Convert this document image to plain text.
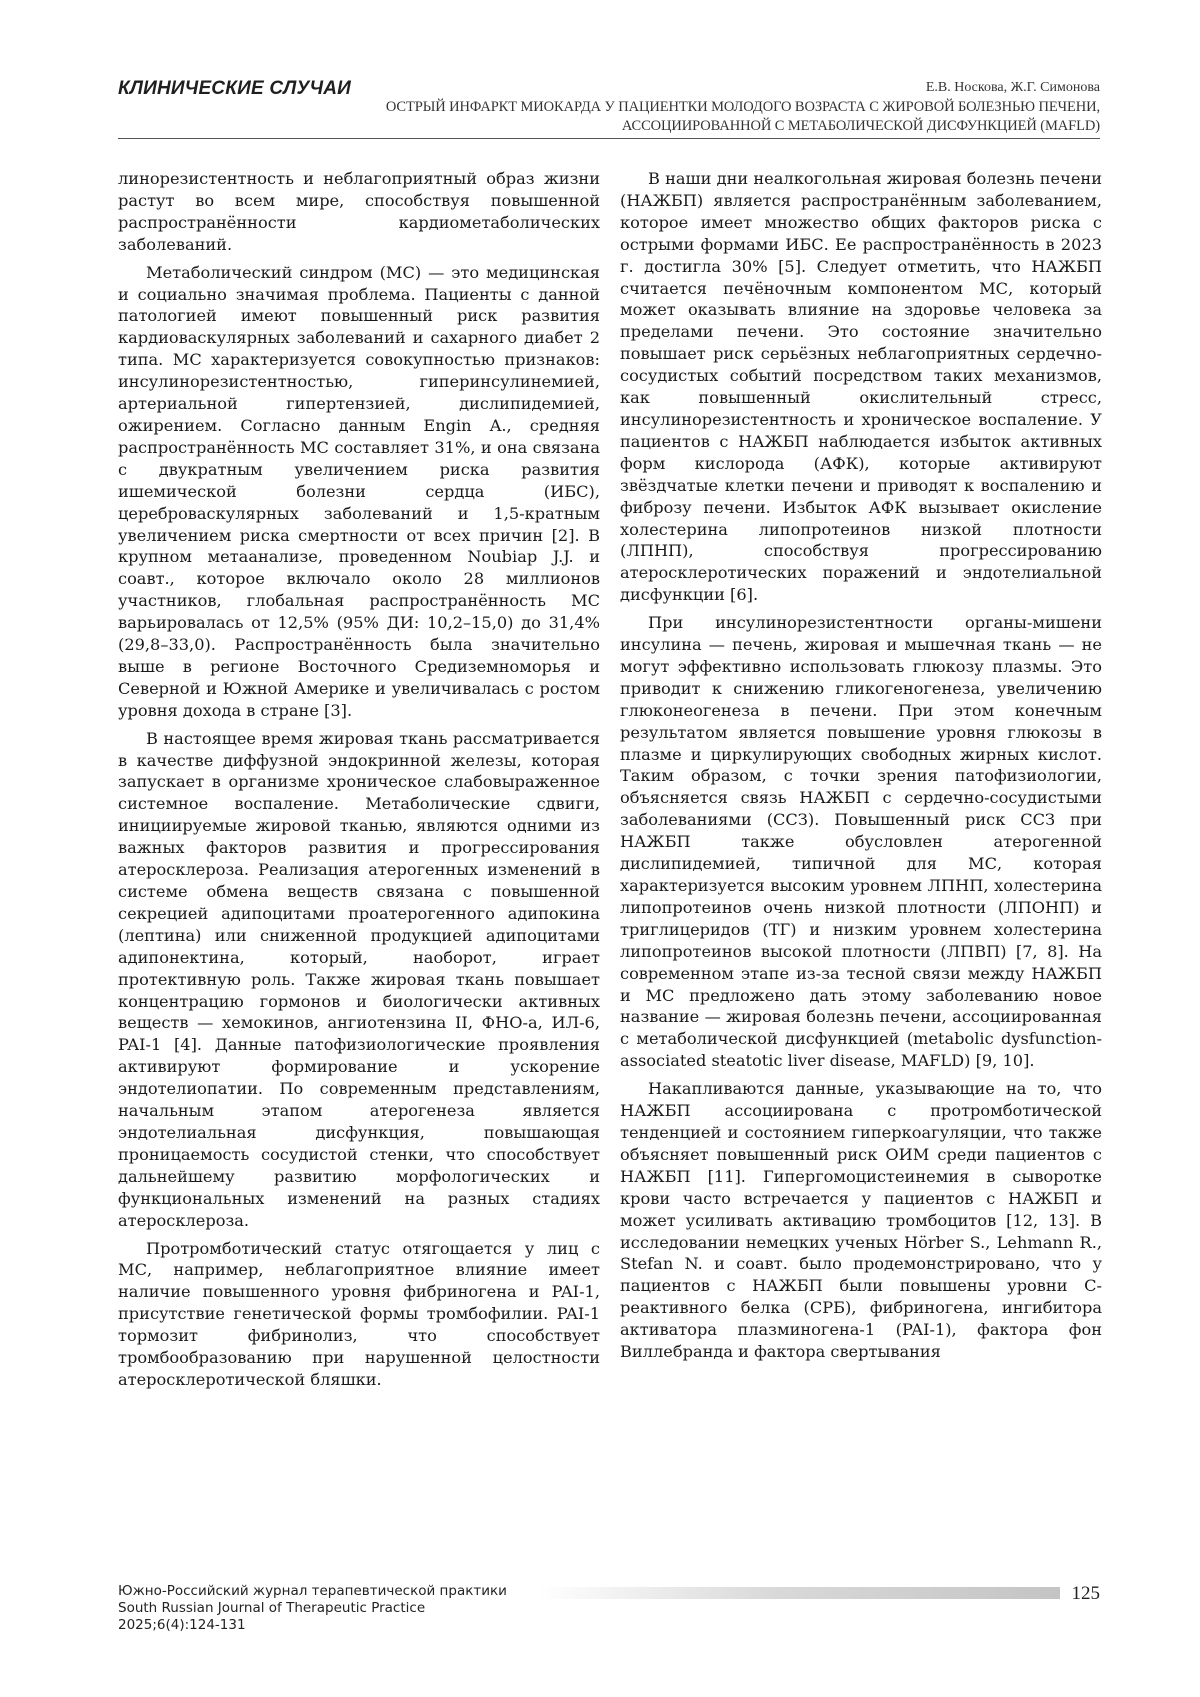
КЛИНИЧЕСКИЕ СЛУЧАИ	Е.В. Носкова, Ж.Г. Симонова
ОСТРЫЙ ИНФАРКТ МИОКАРДА У ПАЦИЕНТКИ МОЛОДОГО ВОЗРАСТА С ЖИРОВОЙ БОЛЕЗНЬЮ ПЕЧЕНИ,
АССОЦИИРОВАННОЙ С МЕТАБОЛИЧЕСКОЙ ДИСФУНКЦИЕЙ (MAFLD)

линорезистентность и неблагоприятный образ жизни растут во всем мире, способствуя повышенной распространённости кардиометаболических заболеваний.

Метаболический синдром (МС) — это медицинская и социально значимая проблема. Пациенты с данной патологией имеют повышенный риск развития кардиоваскулярных заболеваний и сахарного диабет 2 типа. МС характеризуется совокупностью признаков: инсулинорезистентностью, гиперинсулинемией, артериальной гипертензией, дислипидемией, ожирением. Согласно данным Engin A., средняя распространённость МС составляет 31%, и она связана с двукратным увеличением риска развития ишемической болезни сердца (ИБС), цереброваскулярных заболеваний и 1,5-кратным увеличением риска смертности от всех причин [2]. В крупном метаанализе, проведенном Noubiap J.J. и соавт., которое включало около 28 миллионов участников, глобальная распространённость МС варьировалась от 12,5% (95% ДИ: 10,2–15,0) до 31,4% (29,8–33,0). Распространённость была значительно выше в регионе Восточного Средиземноморья и Северной и Южной Америке и увеличивалась с ростом уровня дохода в стране [3].

В настоящее время жировая ткань рассматривается в качестве диффузной эндокринной железы, которая запускает в организме хроническое слабовыраженное системное воспаление. Метаболические сдвиги, инициируемые жировой тканью, являются одними из важных факторов развития и прогрессирования атеросклероза. Реализация атерогенных изменений в системе обмена веществ связана с повышенной секрецией адипоцитами проатерогенного адипокина (лептина) или сниженной продукцией адипоцитами адипонектина, который, наоборот, играет протективную роль. Также жировая ткань повышает концентрацию гормонов и биологически активных веществ — хемокинов, ангиотензина II, ФНО-а, ИЛ-6, PAI-1 [4]. Данные патофизиологические проявления активируют формирование и ускорение эндотелиопатии. По современным представлениям, начальным этапом атерогенеза является эндотелиальная дисфункция, повышающая проницаемость сосудистой стенки, что способствует дальнейшему развитию морфологических и функциональных изменений на разных стадиях атеросклероза.

Протромботический статус отягощается у лиц с МС, например, неблагоприятное влияние имеет наличие повышенного уровня фибриногена и PAI-1, присутствие генетической формы тромбофилии. PAI-1 тормозит фибринолиз, что способствует тромбообразованию при нарушенной целостности атеросклеротической бляшки.

В наши дни неалкогольная жировая болезнь печени (НАЖБП) является распространённым заболеванием, которое имеет множество общих факторов риска с острыми формами ИБС. Ее распространённость в 2023 г. достигла 30% [5]. Следует отметить, что НАЖБП считается печёночным компонентом МС, который может оказывать влияние на здоровье человека за пределами печени. Это состояние значительно повышает риск серьёзных неблагоприятных сердечно-сосудистых событий посредством таких механизмов, как повышенный окислительный стресс, инсулинорезистентность и хроническое воспаление. У пациентов с НАЖБП наблюдается избыток активных форм кислорода (АФК), которые активируют звёздчатые клетки печени и приводят к воспалению и фиброзу печени. Избыток АФК вызывает окисление холестерина липопротеинов низкой плотности (ЛПНП), способствуя прогрессированию атеросклеротических поражений и эндотелиальной дисфункции [6].

При инсулинорезистентности органы-мишени инсулина — печень, жировая и мышечная ткань — не могут эффективно использовать глюкозу плазмы. Это приводит к снижению гликогеногенеза, увеличению глюконеогенеза в печени. При этом конечным результатом является повышение уровня глюкозы в плазме и циркулирующих свободных жирных кислот. Таким образом, с точки зрения патофизиологии, объясняется связь НАЖБП с сердечно-сосудистыми заболеваниями (ССЗ). Повышенный риск ССЗ при НАЖБП также обусловлен атерогенной дислипидемией, типичной для МС, которая характеризуется высоким уровнем ЛПНП, холестерина липопротеинов очень низкой плотности (ЛПОНП) и триглицеридов (ТГ) и низким уровнем холестерина липопротеинов высокой плотности (ЛПВП) [7, 8]. На современном этапе из-за тесной связи между НАЖБП и МС предложено дать этому заболеванию новое название — жировая болезнь печени, ассоциированная с метаболической дисфункцией (metabolic dysfunction-associated steatotic liver disease, MAFLD) [9, 10].

Накапливаются данные, указывающие на то, что НАЖБП ассоциирована с протромботической тенденцией и состоянием гиперкоагуляции, что также объясняет повышенный риск ОИМ среди пациентов с НАЖБП [11]. Гипергомоцистеинемия в сыворотке крови часто встречается у пациентов с НАЖБП и может усиливать активацию тромбоцитов [12, 13]. В исследовании немецких ученых Hörber S., Lehmann R., Stefan N. и соавт. было продемонстрировано, что у пациентов с НАЖБП были повышены уровни С-реактивного белка (СРБ), фибриногена, ингибитора активатора плазминогена-1 (PAI-1), фактора фон Виллебранда и фактора свертывания

Южно-Российский журнал терапевтической практики
South Russian Journal of Therapeutic Practice
2025;6(4):124-131
125
